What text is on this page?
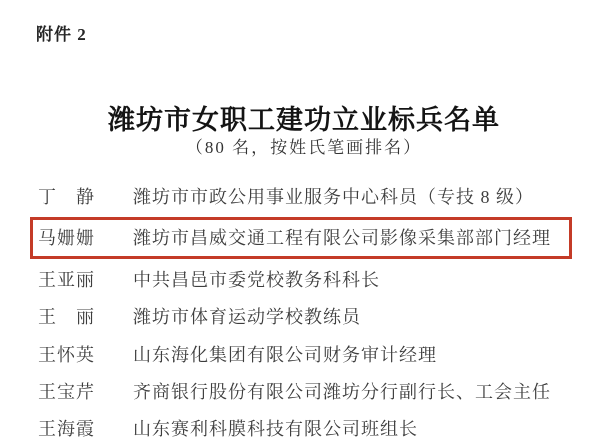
附件 2
潍坊市女职工建功立业标兵名单
（80 名，按姓氏笔画排名）
丁　静	潍坊市市政公用事业服务中心科员（专技 8 级）
马姗姗	潍坊市昌威交通工程有限公司影像采集部部门经理
王亚丽	中共昌邑市委党校教务科科长
王　丽	潍坊市体育运动学校教练员
王怀英	山东海化集团有限公司财务审计经理
王宝芹	齐商银行股份有限公司潍坊分行副行长、工会主任
王海霞	山东赛利科膜科技有限公司班组长
